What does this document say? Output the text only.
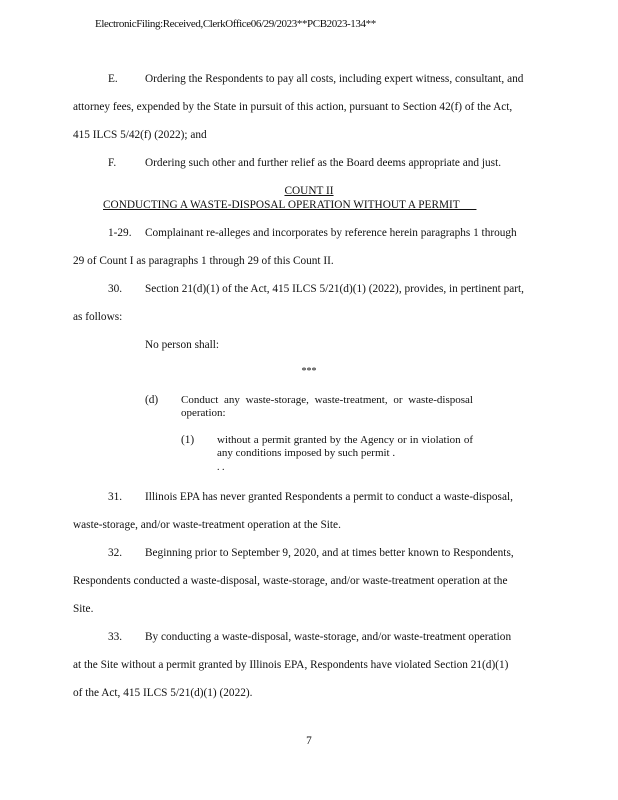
ElectronicFiling:Received,ClerkOffice06/29/2023**PCB2023-134**
E. Ordering the Respondents to pay all costs, including expert witness, consultant, and
attorney fees, expended by the State in pursuit of this action, pursuant to Section 42(f) of the Act,
415 ILCS 5/42(f) (2022); and
F.	Ordering such other and further relief as the Board deems appropriate and just.
COUNT II
CONDUCTING A WASTE-DISPOSAL OPERATION WITHOUT A PERMIT
1-29. Complainant re-alleges and incorporates by reference herein paragraphs 1 through
29 of Count I as paragraphs 1 through 29 of this Count II.
30. Section 21(d)(1) of the Act, 415 ILCS 5/21(d)(1) (2022), provides, in pertinent part,
as follows:
No person shall:
***
(d) Conduct any waste-storage, waste-treatment, or waste-disposal operation:
(1) without a permit granted by the Agency or in violation of any conditions imposed by such permit .
. .
31. Illinois EPA has never granted Respondents a permit to conduct a waste-disposal,
waste-storage, and/or waste-treatment operation at the Site.
32. Beginning prior to September 9, 2020, and at times better known to Respondents,
Respondents conducted a waste-disposal, waste-storage, and/or waste-treatment operation at the
Site.
33. By conducting a waste-disposal, waste-storage, and/or waste-treatment operation
at the Site without a permit granted by Illinois EPA, Respondents have violated Section 21(d)(1)
of the Act, 415 ILCS 5/21(d)(1) (2022).
7
